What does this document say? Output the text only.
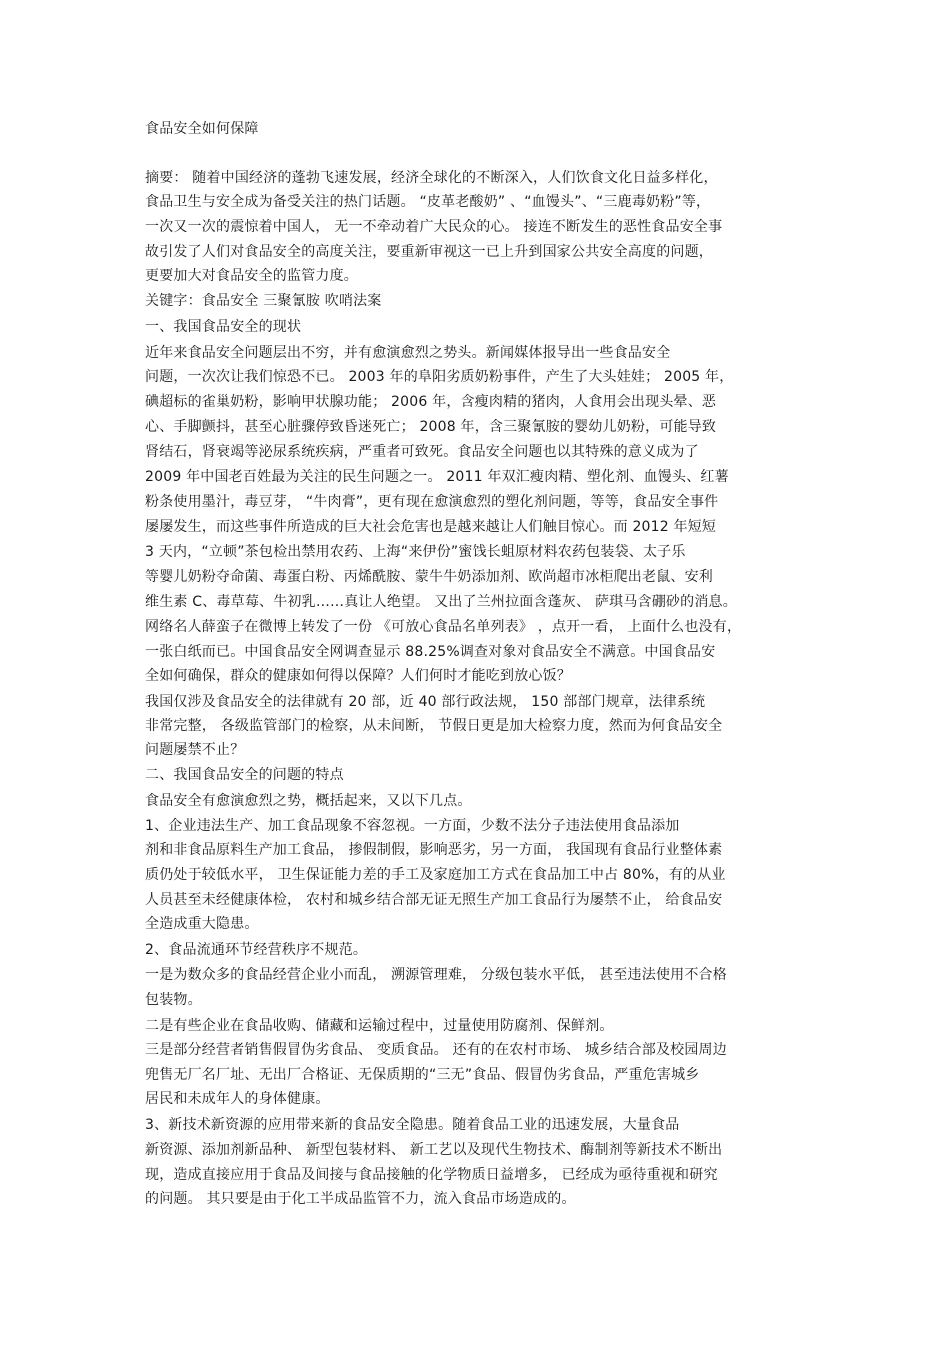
食品安全如何保障
摘要： 随着中国经济的蓬勃飞速发展，经济全球化的不断深入，人们饮食文化日益多样化，
食品卫生与安全成为备受关注的热门话题。 “皮革老酸奶” 、“血馒头”、“三鹿毒奶粉”等，
一次又一次的震惊着中国人， 无一不牵动着广大民众的心。 接连不断发生的恶性食品安全事
故引发了人们对食品安全的高度关注，要重新审视这一已上升到国家公共安全高度的问题，
更要加大对食品安全的监管力度。
关键字：食品安全 三聚氰胺 吹哨法案
一、我国食品安全的现状
近年来食品安全问题层出不穷，并有愈演愈烈之势头。新闻媒体报导出一些食品安全
问题，一次次让我们惊恐不已。 2003 年的阜阳劣质奶粉事件，产生了大头娃娃； 2005 年，
碘超标的雀巢奶粉，影响甲状腺功能； 2006 年，含瘦肉精的猪肉，人食用会出现头晕、恶
心、手脚颤抖，甚至心脏骤停致昏迷死亡； 2008 年，含三聚氰胺的婴幼儿奶粉，可能导致
肾结石，肾衰竭等泌尿系统疾病，严重者可致死。食品安全问题也以其特殊的意义成为了
2009 年中国老百姓最为关注的民生问题之一。 2011 年双汇瘦肉精、塑化剂、血馒头、红薯
粉条使用墨汁，毒豆芽， “牛肉膏”，更有现在愈演愈烈的塑化剂问题，等等，食品安全事件
屡屡发生，而这些事件所造成的巨大社会危害也是越来越让人们触目惊心。而 2012 年短短
3 天内，“立顿”茶包检出禁用农药、上海“来伊份”蜜饯长蛆原材料农药包装袋、太子乐
等婴儿奶粉夺命菌、毒蛋白粉、丙烯酰胺、蒙牛牛奶添加剂、欧尚超市冰柜爬出老鼠、安利
维生素 C、毒草莓、牛初乳……真让人绝望。 又出了兰州拉面含蓬灰、 萨琪马含硼砂的消息。
网络名人薛蛮子在微博上转发了一份 《可放心食品名单列表》 ，点开一看， 上面什么也没有，
一张白纸而已。中国食品安全网调查显示 88.25%调查对象对食品安全不满意。中国食品安
全如何确保，群众的健康如何得以保障？人们何时才能吃到放心饭？
我国仅涉及食品安全的法律就有 20 部，近 40 部行政法规， 150 部部门规章，法律系统
非常完整， 各级监管部门的检察，从未间断， 节假日更是加大检察力度，然而为何食品安全
问题屡禁不止？
二、我国食品安全的问题的特点
食品安全有愈演愈烈之势，概括起来，又以下几点。
1、企业违法生产、加工食品现象不容忽视。一方面，少数不法分子违法使用食品添加
剂和非食品原料生产加工食品， 掺假制假，影响恶劣，另一方面， 我国现有食品行业整体素
质仍处于较低水平， 卫生保证能力差的手工及家庭加工方式在食品加工中占 80%，有的从业
人员甚至未经健康体检， 农村和城乡结合部无证无照生产加工食品行为屡禁不止， 给食品安
全造成重大隐患。
2、食品流通环节经营秩序不规范。
一是为数众多的食品经营企业小而乱， 溯源管理难， 分级包装水平低， 甚至违法使用不合格
包装物。
二是有些企业在食品收购、储藏和运输过程中，过量使用防腐剂、保鲜剂。
三是部分经营者销售假冒伪劣食品、 变质食品。 还有的在农村市场、 城乡结合部及校园周边
兜售无厂名厂址、无出厂合格证、无保质期的“三无”食品、假冒伪劣食品，严重危害城乡
居民和未成年人的身体健康。
3、新技术新资源的应用带来新的食品安全隐患。随着食品工业的迅速发展，大量食品
新资源、添加剂新品种、 新型包装材料、 新工艺以及现代生物技术、酶制剂等新技术不断出
现，造成直接应用于食品及间接与食品接触的化学物质日益增多， 已经成为亟待重视和研究
的问题。 其只要是由于化工半成品监管不力，流入食品市场造成的。
